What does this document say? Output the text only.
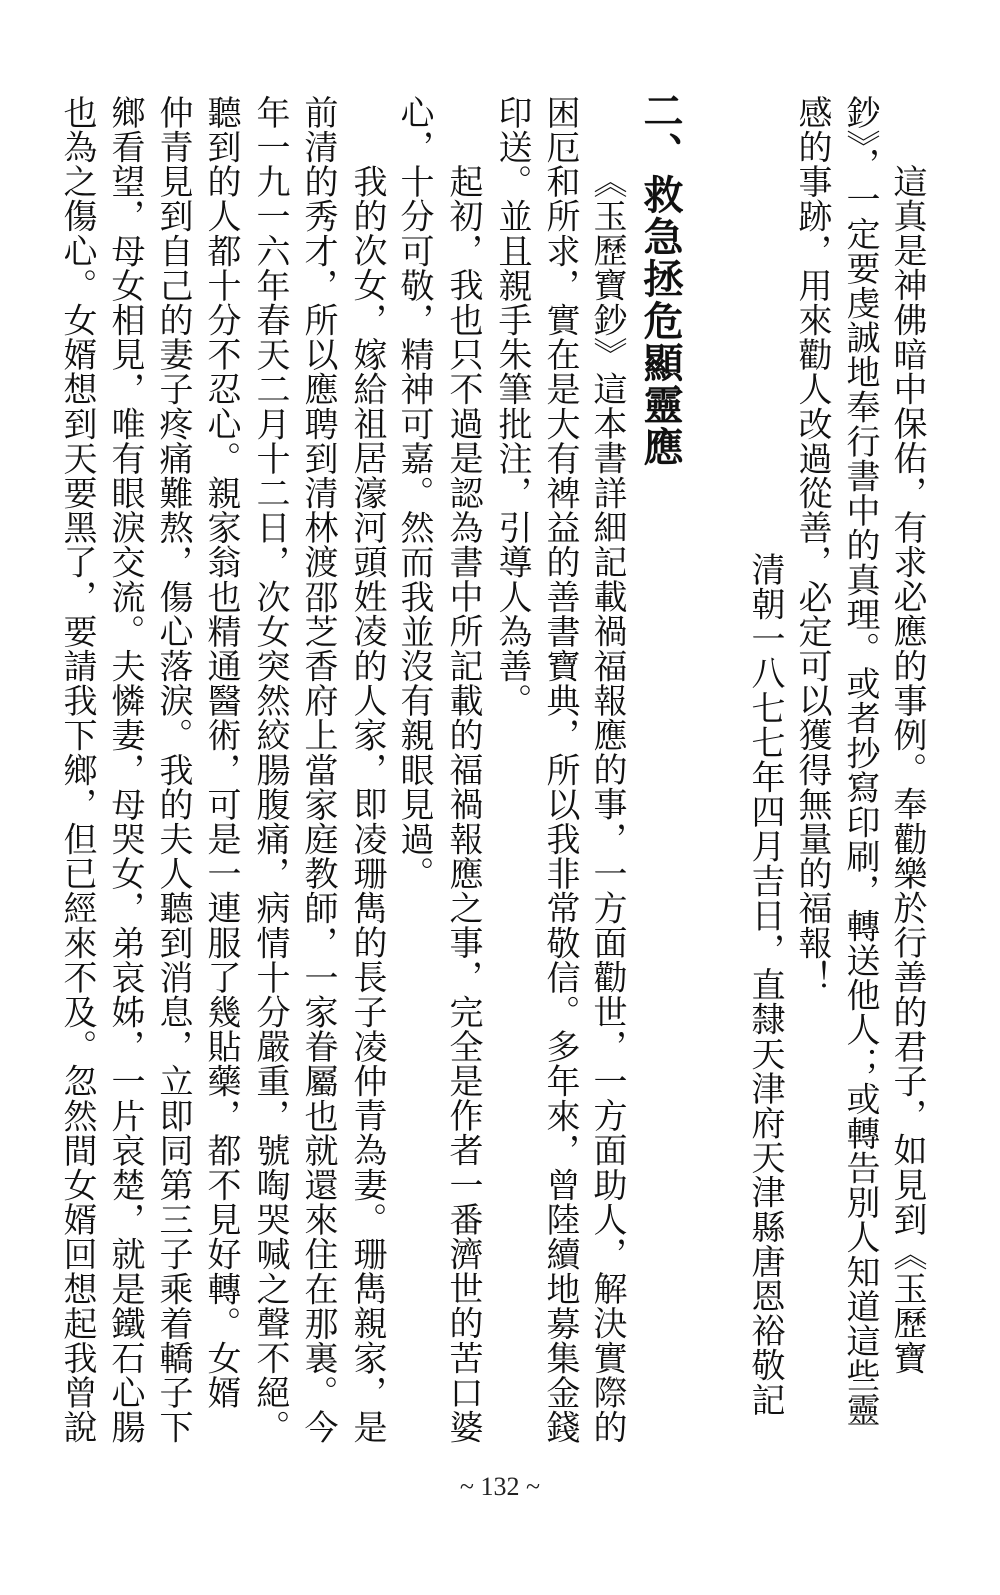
這真是神佛暗中保佑，有求必應的事例。奉勸樂於行善的君子，如見到《玉歷寶
鈔》，一定要虔誠地奉行書中的真理。或者抄寫印刷，轉送他人；或轉告別人知道這些靈
感的事跡，用來勸人改過從善，必定可以獲得無量的福報！
清朝一八七七年四月吉日，直隸天津府天津縣唐恩裕敬記
二、救急拯危顯靈應
《玉歷寶鈔》這本書詳細記載禍福報應的事，一方面勸世，一方面助人，解決實際的
困厄和所求，實在是大有裨益的善書寶典，所以我非常敬信。多年來，曾陸續地募集金錢
印送。並且親手朱筆批注，引導人為善。
起初，我也只不過是認為書中所記載的福禍報應之事，完全是作者一番濟世的苦口婆
心，十分可敬，精神可嘉。然而我並沒有親眼見過。
我的次女，嫁給祖居濠河頭姓凌的人家，即凌珊雋的長子凌仲青為妻。珊雋親家，是
前清的秀才，所以應聘到清林渡邵芝香府上當家庭教師，一家眷屬也就還來住在那裏。今
年一九一六年春天二月十二日，次女突然絞腸腹痛，病情十分嚴重，號啕哭喊之聲不絕。
聽到的人都十分不忍心。親家翁也精通醫術，可是一連服了幾貼藥，都不見好轉。女婿
仲青見到自己的妻子疼痛難熬，傷心落淚。我的夫人聽到消息，立即同第三子乘着轎子下
鄉看望，母女相見，唯有眼淚交流。夫憐妻，母哭女，弟哀姊，一片哀楚，就是鐵石心腸
也為之傷心。女婿想到天要黑了，要請我下鄉，但已經來不及。忽然間女婿回想起我曾說
~ 132 ~
